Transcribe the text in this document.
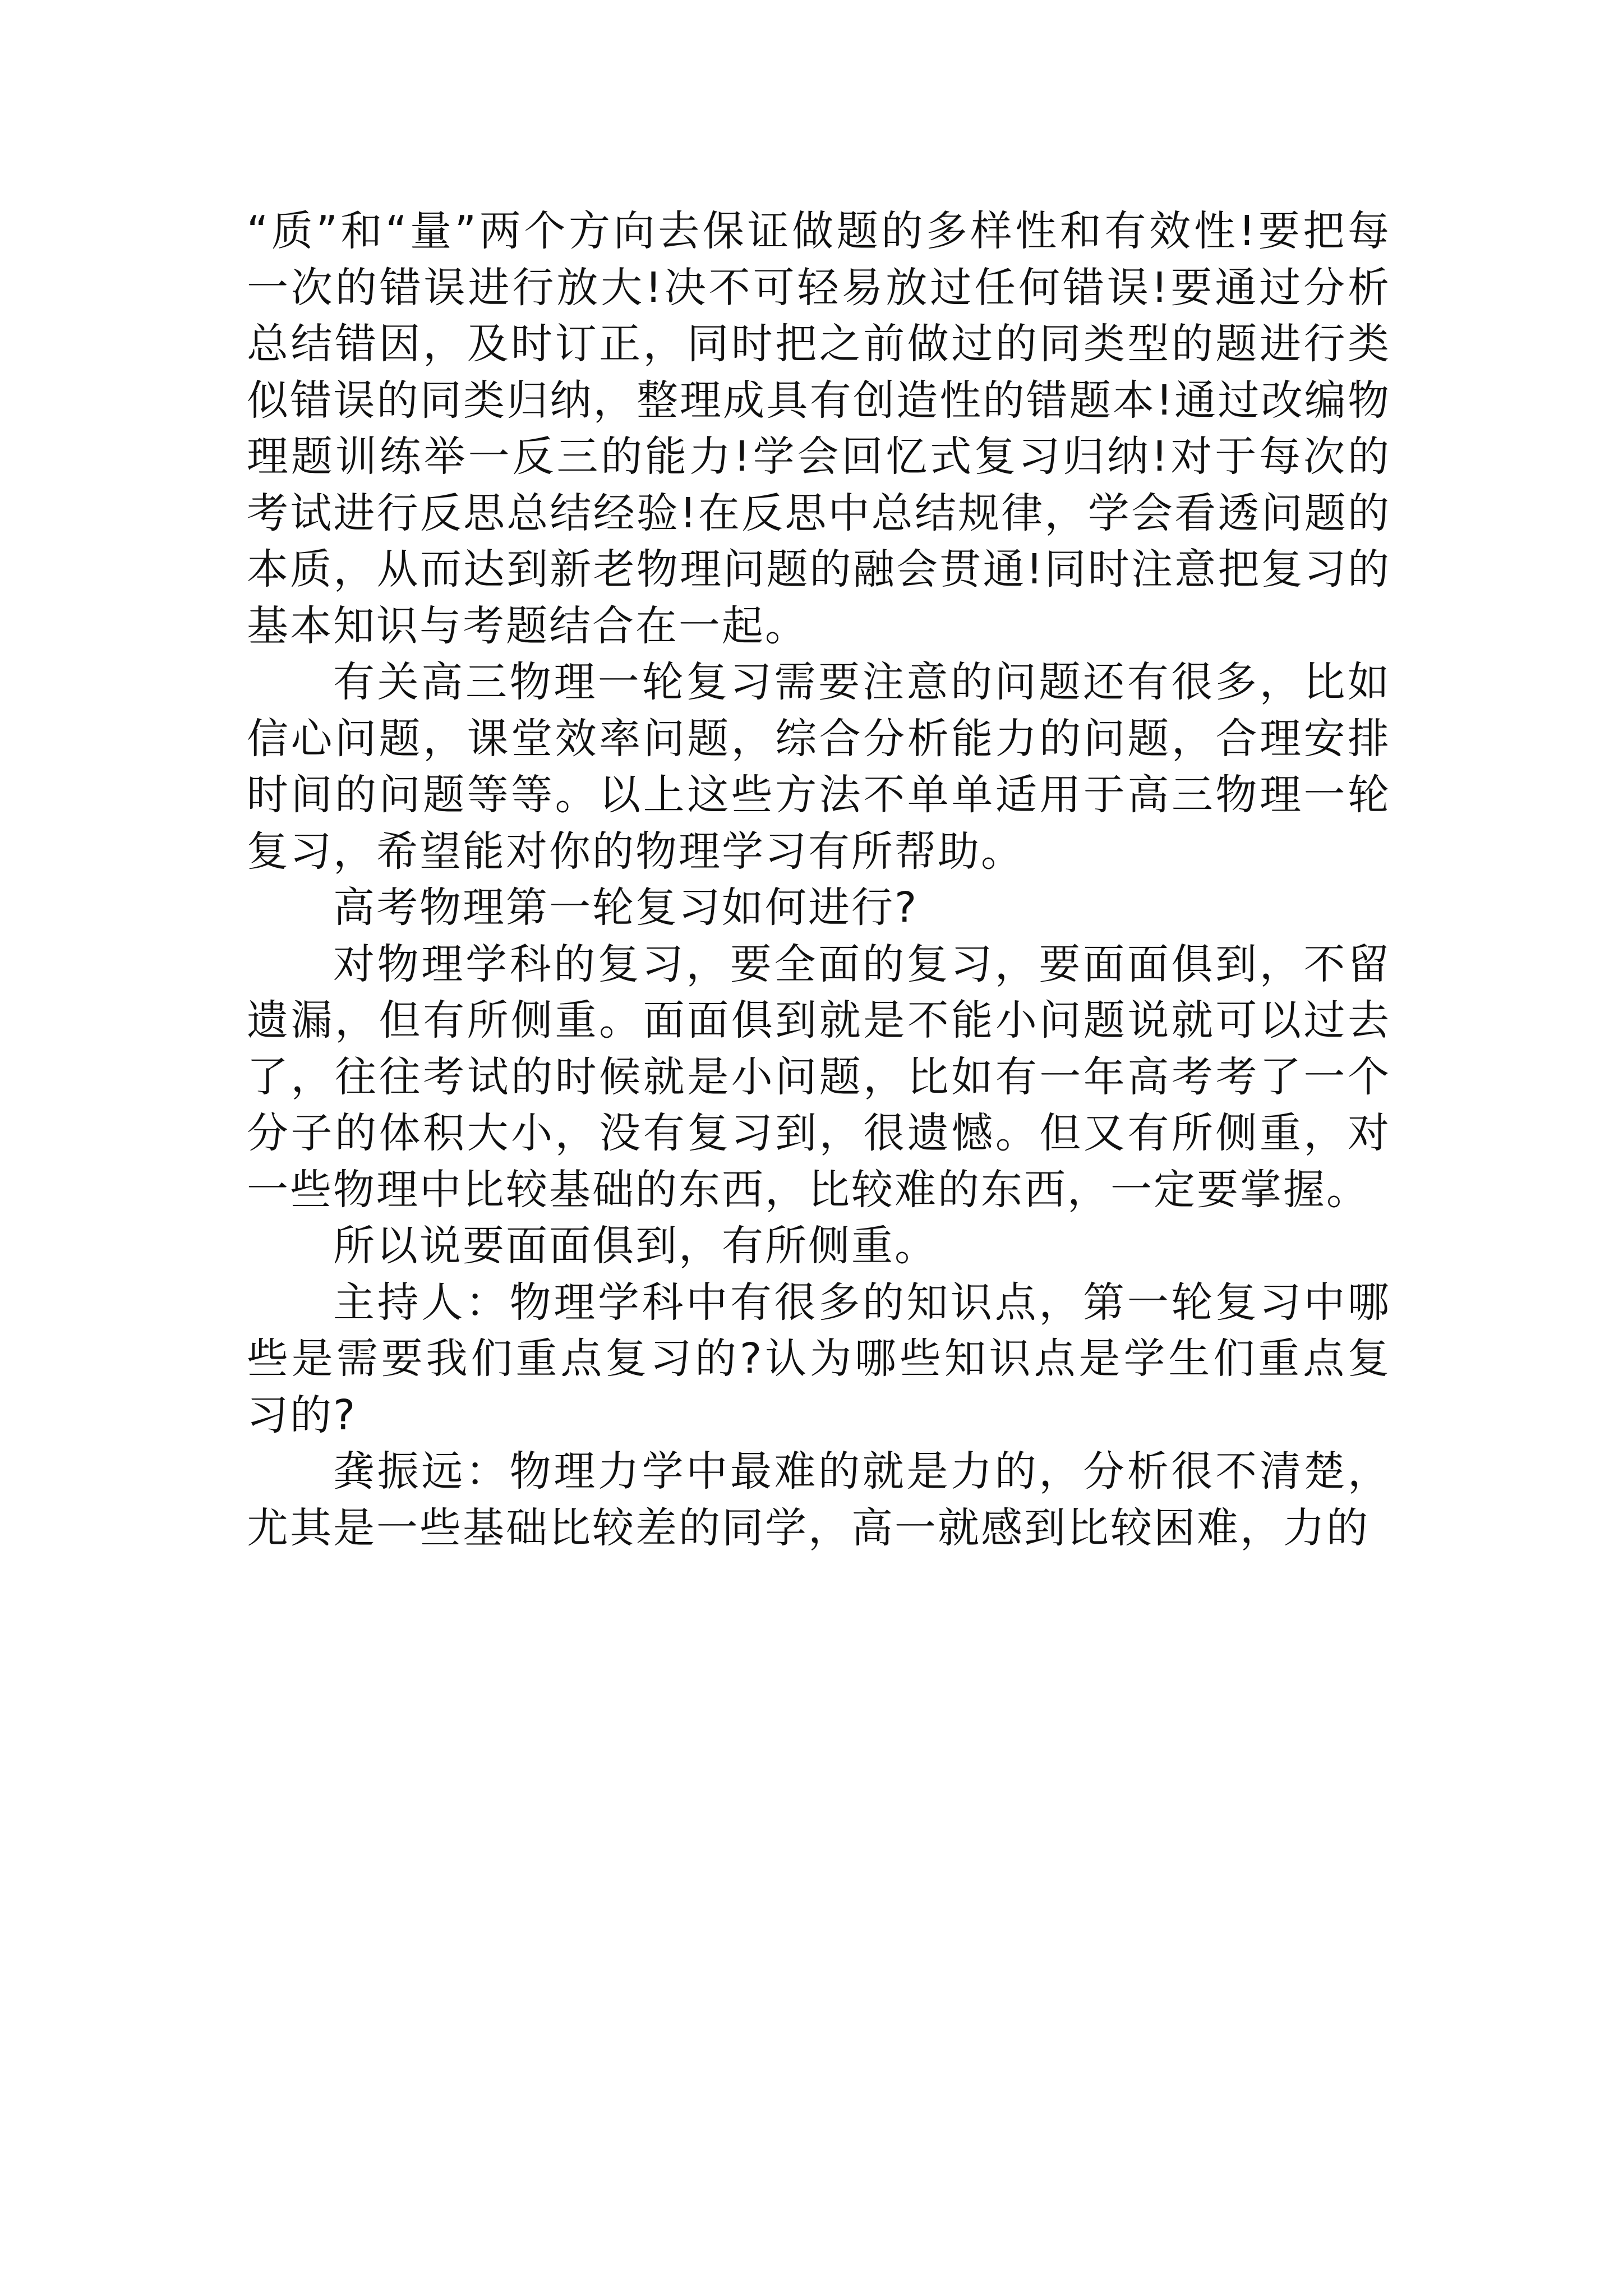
“质”和“量”两个方向去保证做题的多样性和有效性!要把每一次的错误进行放大!决不可轻易放过任何错误!要通过分析总结错因，及时订正，同时把之前做过的同类型的题进行类似错误的同类归纳，整理成具有创造性的错题本!通过改编物理题训练举一反三的能力!学会回忆式复习归纳!对于每次的考试进行反思总结经验!在反思中总结规律，学会看透问题的本质，从而达到新老物理问题的融会贯通!同时注意把复习的基本知识与考题结合在一起。

有关高三物理一轮复习需要注意的问题还有很多，比如信心问题，课堂效率问题，综合分析能力的问题，合理安排时间的问题等等。以上这些方法不单单适用于高三物理一轮复习，希望能对你的物理学习有所帮助。

高考物理第一轮复习如何进行?

对物理学科的复习，要全面的复习，要面面俱到，不留遗漏，但有所侧重。面面俱到就是不能小问题说就可以过去了，往往考试的时候就是小问题，比如有一年高考考了一个分子的体积大小，没有复习到，很遗憾。但又有所侧重，对一些物理中比较基础的东西，比较难的东西，一定要掌握。

所以说要面面俱到，有所侧重。

主持人：物理学科中有很多的知识点，第一轮复习中哪些是需要我们重点复习的?认为哪些知识点是学生们重点复习的?

龚振远：物理力学中最难的就是力的，分析很不清楚，尤其是一些基础比较差的同学，高一就感到比较困难，力的
